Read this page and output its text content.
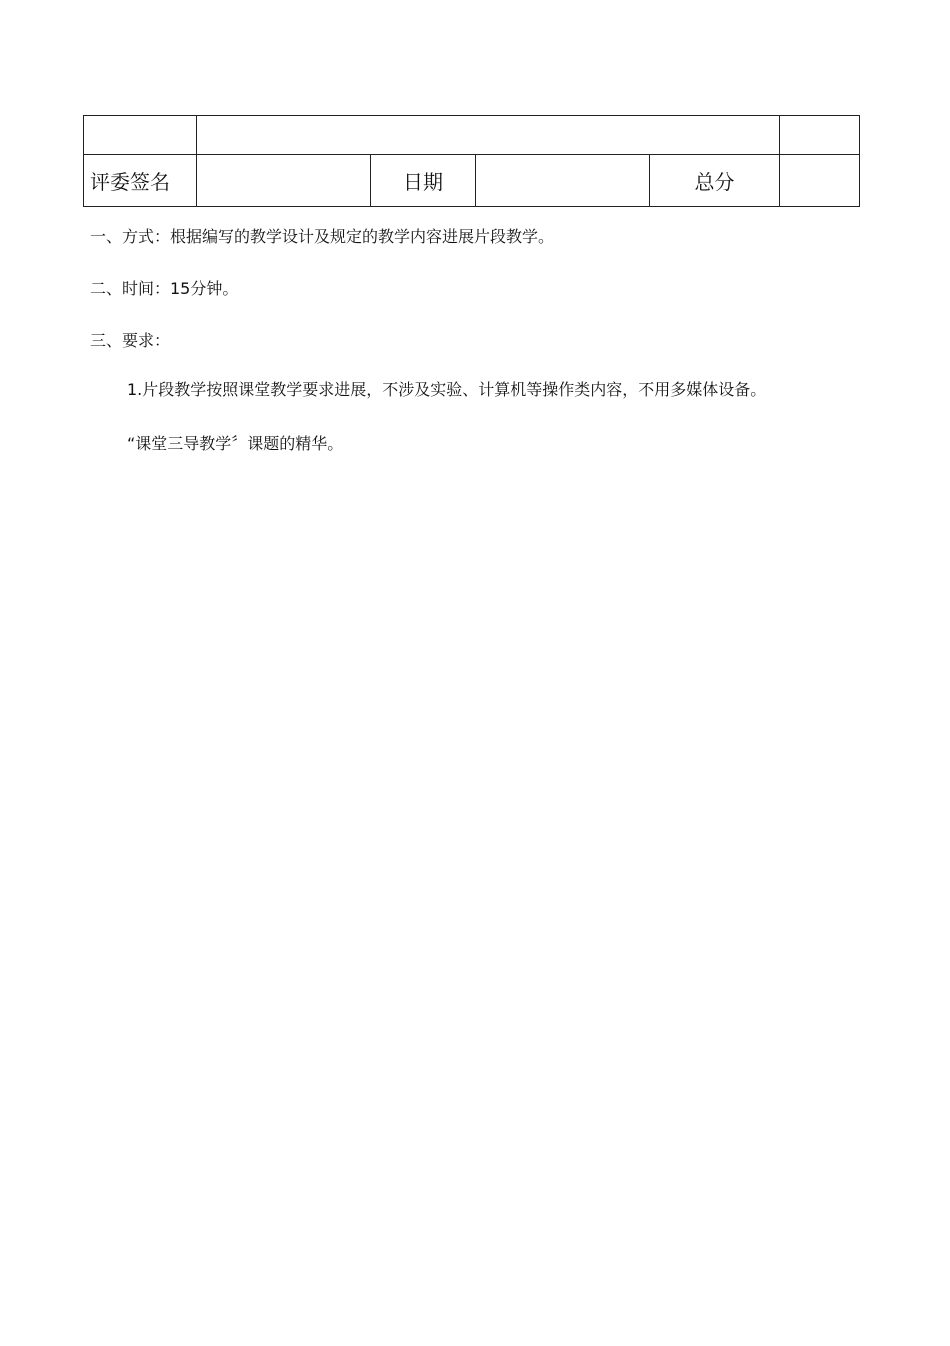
评委签名		日期		总分	

一、方式：根据编写的教学设计及规定的教学内容进展片段教学。

二、时间：15分钟。

三、要求：

1.片段教学按照课堂教学要求进展，不涉及实验、计算机等操作类内容，不用多媒体设备。

“课堂三导教学〞课题的精华。
